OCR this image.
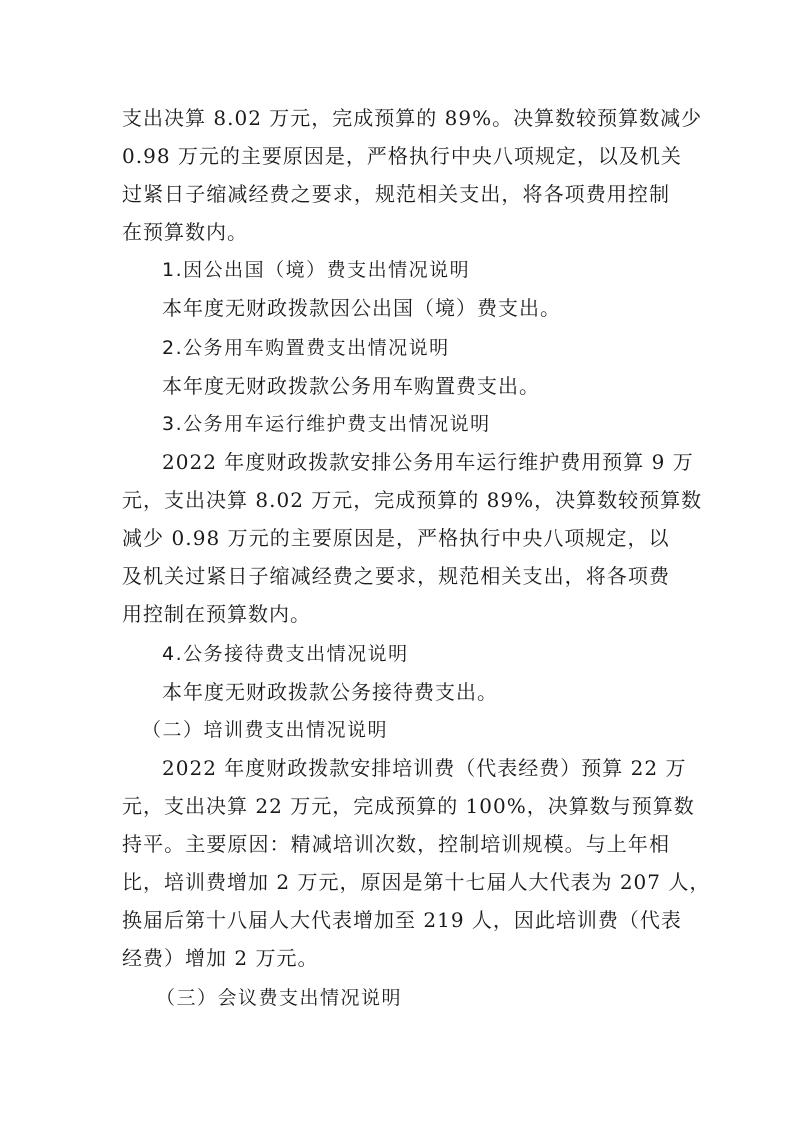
支 出 决 算
8 . 0 2
万 元 ， 完 成 预 算 的
8 9 % 。 决 算 数 较 预 算 数 减 少
0 . 9 8
万 元 的 主 要 原 因 是 ， 严 格 执 行 中 央 八 项 规 定 ， 以 及 机 关
过 紧 日 子 缩 减 经 费 之 要 求 ， 规 范 相 关 支 出 ， 将 各 项 费 用 控 制
在预算数内。
1.因公出国（境）费支出情况说明
本年度无财政拨款因公出国（境）费支出。
2.公务用车购置费支出情况说明
本年度无财政拨款公务用车购置费支出。
3.公务用车运行维护费支出情况说明
2 0 2 2
年 度 财 政 拨 款 安 排 公 务 用 车 运 行 维 护 费 用 预 算
9
万
元 ， 支 出 决 算
8 . 0 2
万 元 ， 完 成 预 算 的
8 9 % ， 决 算 数 较 预 算 数
减 少
0 . 9 8
万 元 的 主 要 原 因 是 ， 严 格 执 行 中 央 八 项 规 定 ， 以
及 机 关 过 紧 日 子 缩 减 经 费 之 要 求 ， 规 范 相 关 支 出 ， 将 各 项 费
用控制在预算数内。
4.公务接待费支出情况说明
本年度无财政拨款公务接待费支出。
（二）培训费支出情况说明
2 0 2 2
年 度 财 政 拨 款 安 排 培 训 费 （ 代 表 经 费 ） 预 算
2 2
万
元 ， 支 出 决 算
2 2
万 元 ， 完 成 预 算 的
1 0 0 % ， 决 算 数 与 预 算 数
持 平 。 主 要 原 因 ： 精 减 培 训 次 数 ， 控 制 培 训 规 模 。 与 上 年 相
比 ， 培 训 费 增 加
2
万 元 ， 原 因 是 第 十 七 届 人 大 代 表 为
2 0 7
人 ，
换 届 后 第 十 八 届 人 大 代 表 增 加 至
2 1 9
人 ， 因 此 培 训 费 （ 代 表
经费）增加 2 万元。
（三）会议费支出情况说明
